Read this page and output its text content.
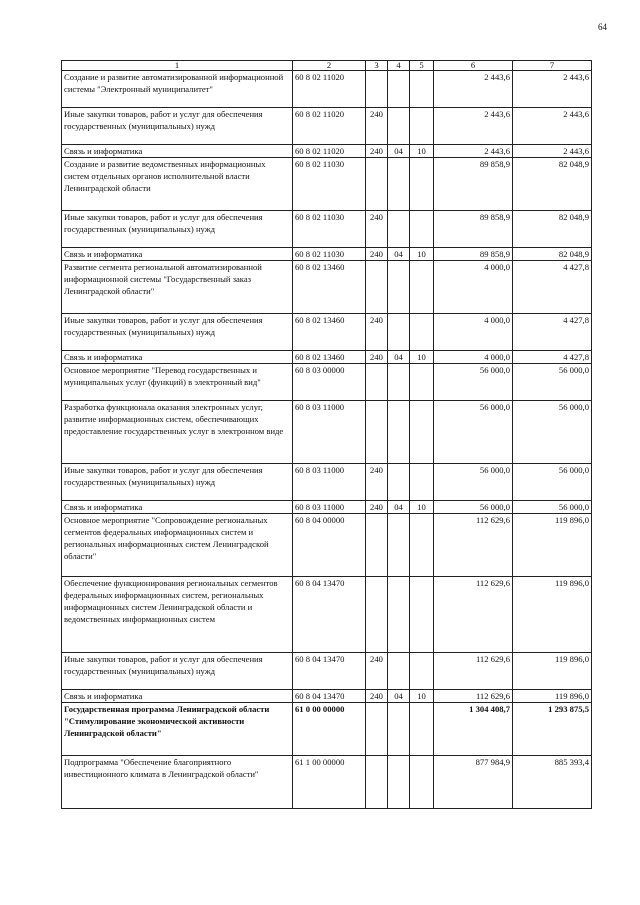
64
1	2	3	4	5	6	7
Создание и развитие автоматизированной информационной системы "Электронный муниципалитет"	60 8 02 11020				2 443,6	2 443,6
Иные закупки товаров, работ и услуг для обеспечения государственных (муниципальных) нужд	60 8 02 11020	240			2 443,6	2 443,6
Связь и информатика	60 8 02 11020	240	04	10	2 443,6	2 443,6
Создание и развитие ведомственных информационных систем отдельных органов исполнительной власти Ленинградской области	60 8 02 11030				89 858,9	82 048,9
Иные закупки товаров, работ и услуг для обеспечения государственных (муниципальных) нужд	60 8 02 11030	240			89 858,9	82 048,9
Связь и информатика	60 8 02 11030	240	04	10	89 858,9	82 048,9
Развитие сегмента региональной автоматизированной информационной системы "Государственный заказ Ленинградской области"	60 8 02 13460				4 000,0	4 427,8
Иные закупки товаров, работ и услуг для обеспечения государственных (муниципальных) нужд	60 8 02 13460	240			4 000,0	4 427,8
Связь и информатика	60 8 02 13460	240	04	10	4 000,0	4 427,8
Основное мероприятие "Перевод государственных и муниципальных услуг (функций) в электронный вид"	60 8 03 00000				56 000,0	56 000,0
Разработка функционала оказания электронных услуг, развитие информационных систем, обеспечивающих предоставление государственных услуг в электронном виде	60 8 03 11000				56 000,0	56 000,0
Иные закупки товаров, работ и услуг для обеспечения государственных (муниципальных) нужд	60 8 03 11000	240			56 000,0	56 000,0
Связь и информатика	60 8 03 11000	240	04	10	56 000,0	56 000,0
Основное мероприятие "Сопровождение региональных сегментов федеральных информационных систем и региональных информационных систем Ленинградской области"	60 8 04 00000				112 629,6	119 896,0
Обеспечение функционирования региональных сегментов федеральных информационных систем, региональных информационных систем Ленинградской области и ведомственных информационных систем	60 8 04 13470				112 629,6	119 896,0
Иные закупки товаров, работ и услуг для обеспечения государственных (муниципальных) нужд	60 8 04 13470	240			112 629,6	119 896,0
Связь и информатика	60 8 04 13470	240	04	10	112 629,6	119 896,0
Государственная программа Ленинградской области "Стимулирование экономической активности Ленинградской области"	61 0 00 00000				1 304 408,7	1 293 875,5
Подпрограмма "Обеспечение благоприятного инвестиционного климата в Ленинградской области"	61 1 00 00000				877 984,9	885 393,4
